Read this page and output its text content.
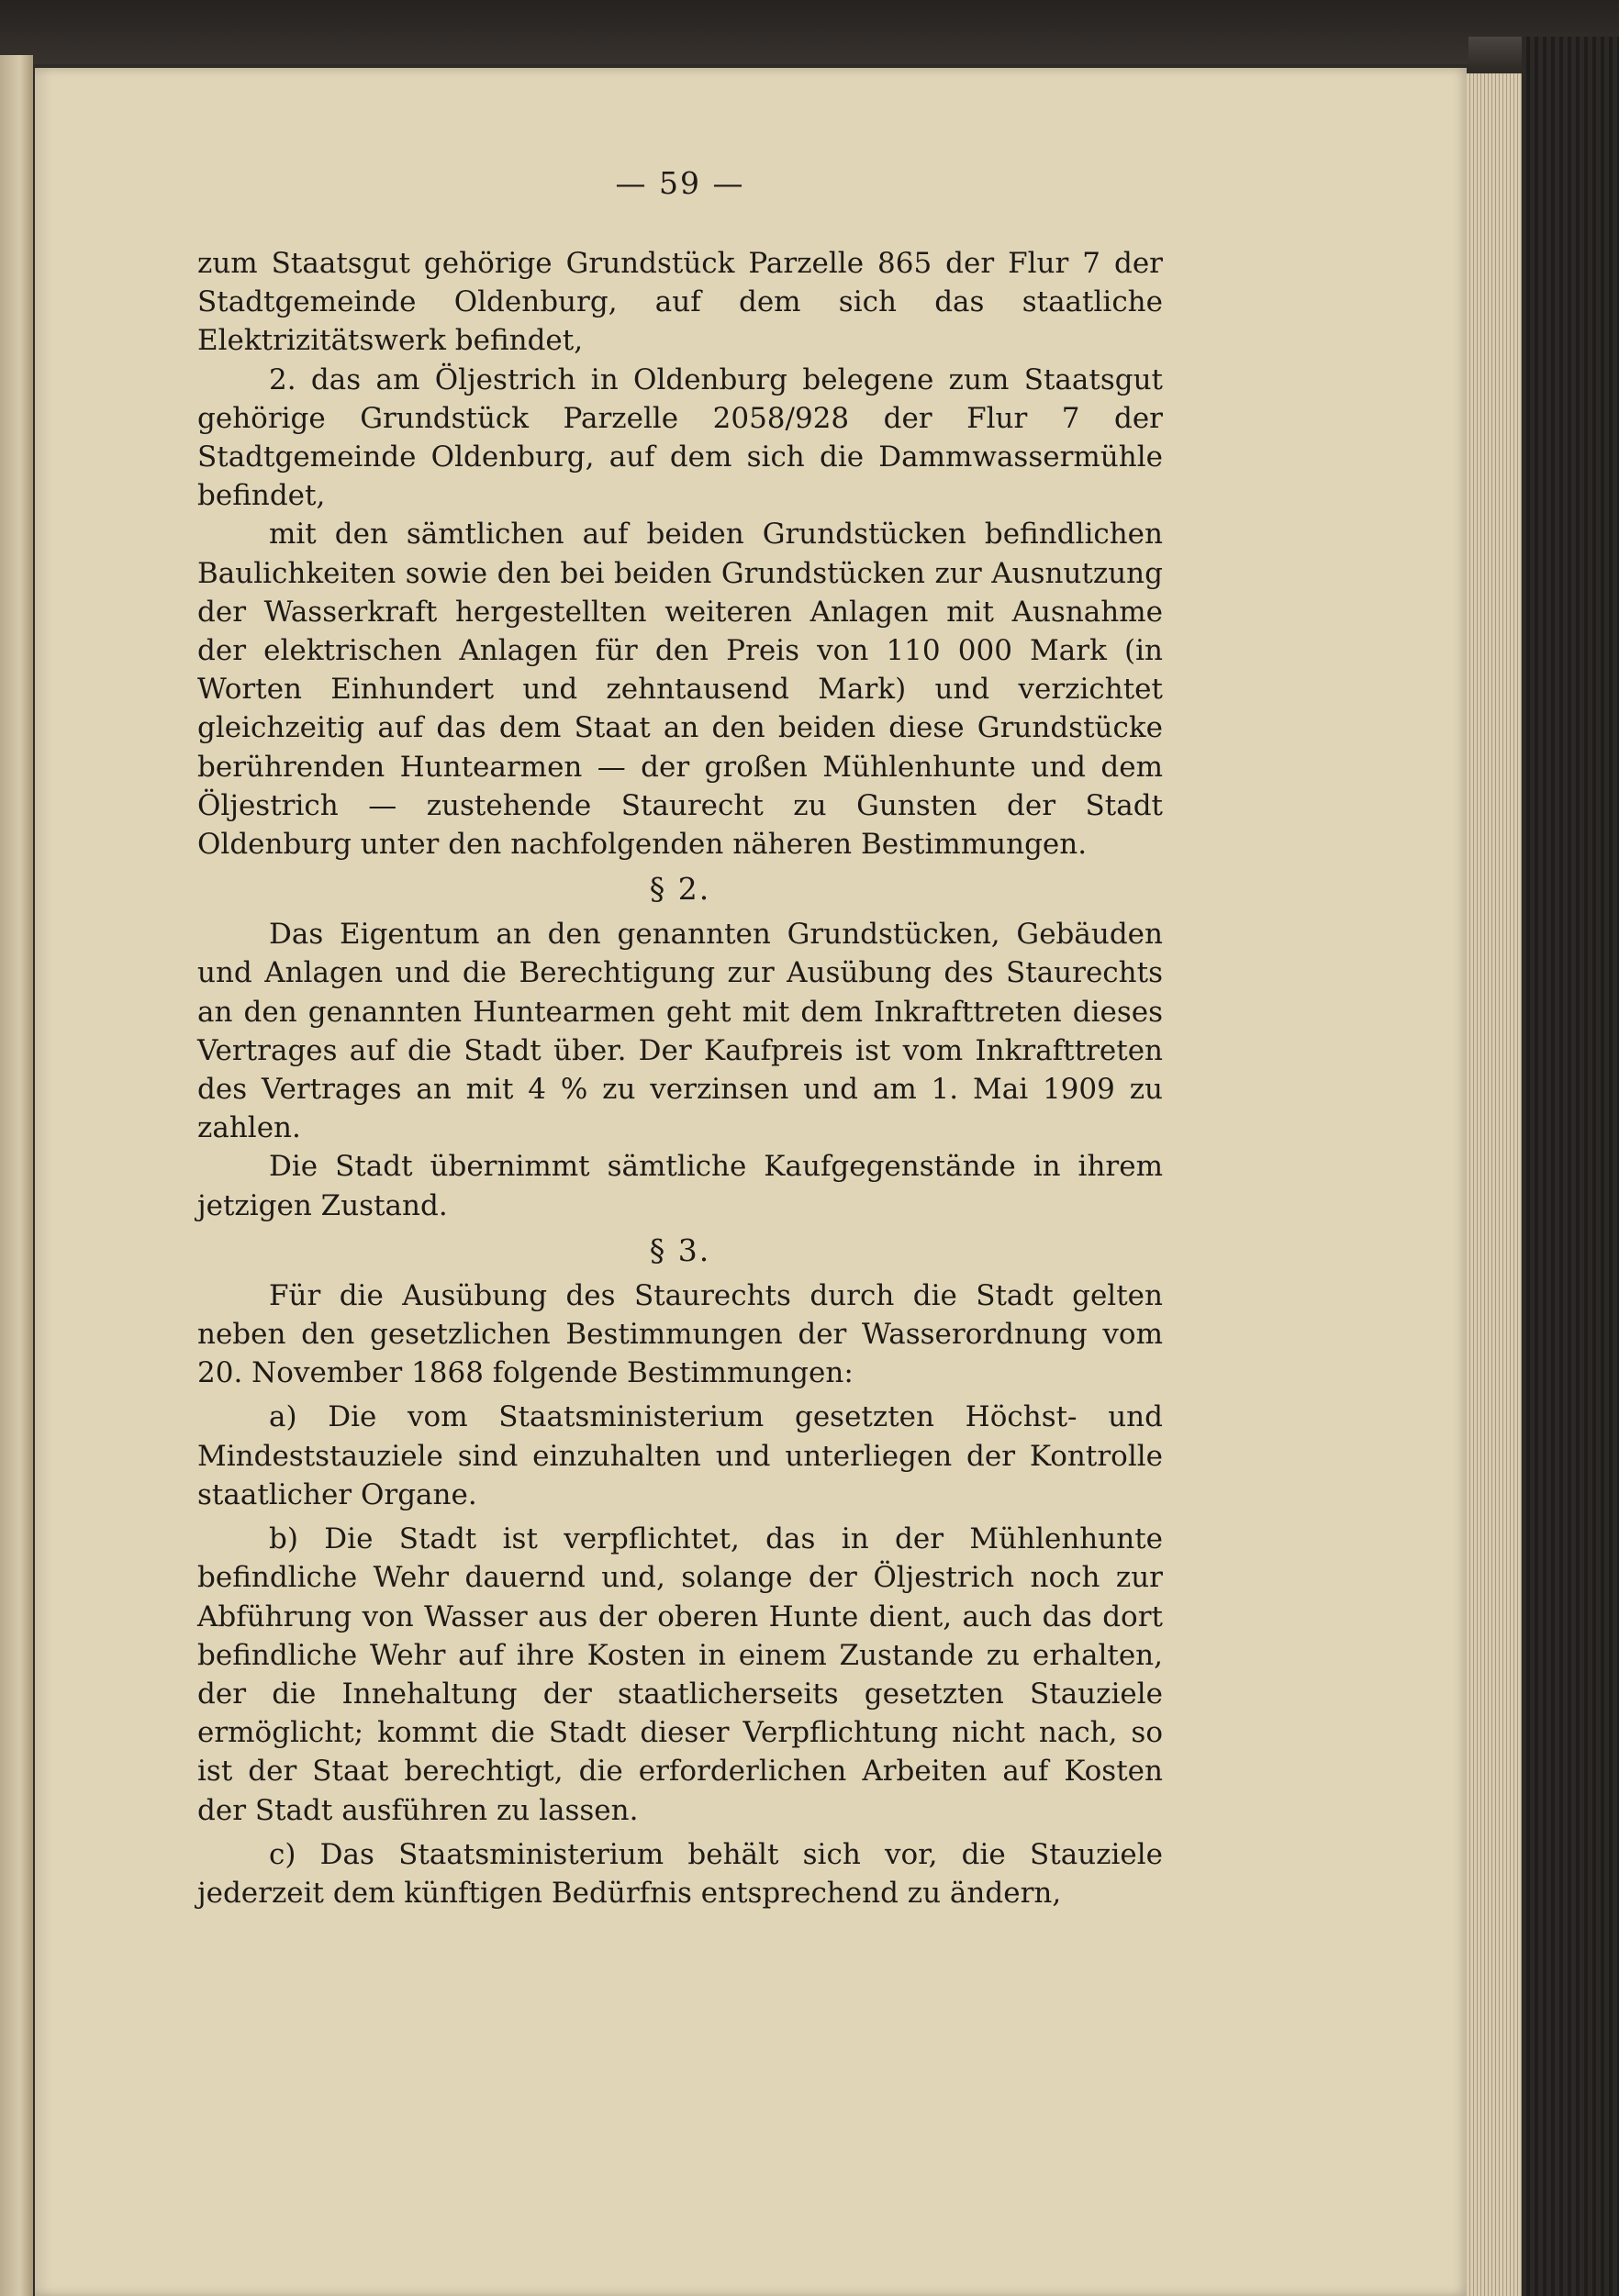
— 59 —

zum Staatsgut gehörige Grundstück Parzelle 865 der Flur 7 der Stadtgemeinde Oldenburg, auf dem sich das staatliche Elektrizitätswerk befindet,

2. das am Öljestrich in Oldenburg belegene zum Staatsgut gehörige Grundstück Parzelle 2058/928 der Flur 7 der Stadtgemeinde Oldenburg, auf dem sich die Dammwassermühle befindet,

mit den sämtlichen auf beiden Grundstücken befindlichen Baulichkeiten sowie den bei beiden Grundstücken zur Ausnutzung der Wasserkraft hergestellten weiteren Anlagen mit Ausnahme der elektrischen Anlagen für den Preis von 110 000 Mark (in Worten Einhundert und zehntausend Mark) und verzichtet gleichzeitig auf das dem Staat an den beiden diese Grundstücke berührenden Huntearmen — der großen Mühlenhunte und dem Öljestrich — zustehende Staurecht zu Gunsten der Stadt Oldenburg unter den nachfolgenden näheren Bestimmungen.

§ 2.

Das Eigentum an den genannten Grundstücken, Gebäuden und Anlagen und die Berechtigung zur Ausübung des Staurechts an den genannten Huntearmen geht mit dem Inkrafttreten dieses Vertrages auf die Stadt über. Der Kaufpreis ist vom Inkrafttreten des Vertrages an mit 4 % zu verzinsen und am 1. Mai 1909 zu zahlen.

Die Stadt übernimmt sämtliche Kaufgegenstände in ihrem jetzigen Zustand.

§ 3.

Für die Ausübung des Staurechts durch die Stadt gelten neben den gesetzlichen Bestimmungen der Wasserordnung vom 20. November 1868 folgende Bestimmungen:

a) Die vom Staatsministerium gesetzten Höchst- und Mindeststauziele sind einzuhalten und unterliegen der Kontrolle staatlicher Organe.

b) Die Stadt ist verpflichtet, das in der Mühlenhunte befindliche Wehr dauernd und, solange der Öljestrich noch zur Abführung von Wasser aus der oberen Hunte dient, auch das dort befindliche Wehr auf ihre Kosten in einem Zustande zu erhalten, der die Innehaltung der staatlicherseits gesetzten Stauziele ermöglicht; kommt die Stadt dieser Verpflichtung nicht nach, so ist der Staat berechtigt, die erforderlichen Arbeiten auf Kosten der Stadt ausführen zu lassen.

c) Das Staatsministerium behält sich vor, die Stauziele jederzeit dem künftigen Bedürfnis entsprechend zu ändern,
